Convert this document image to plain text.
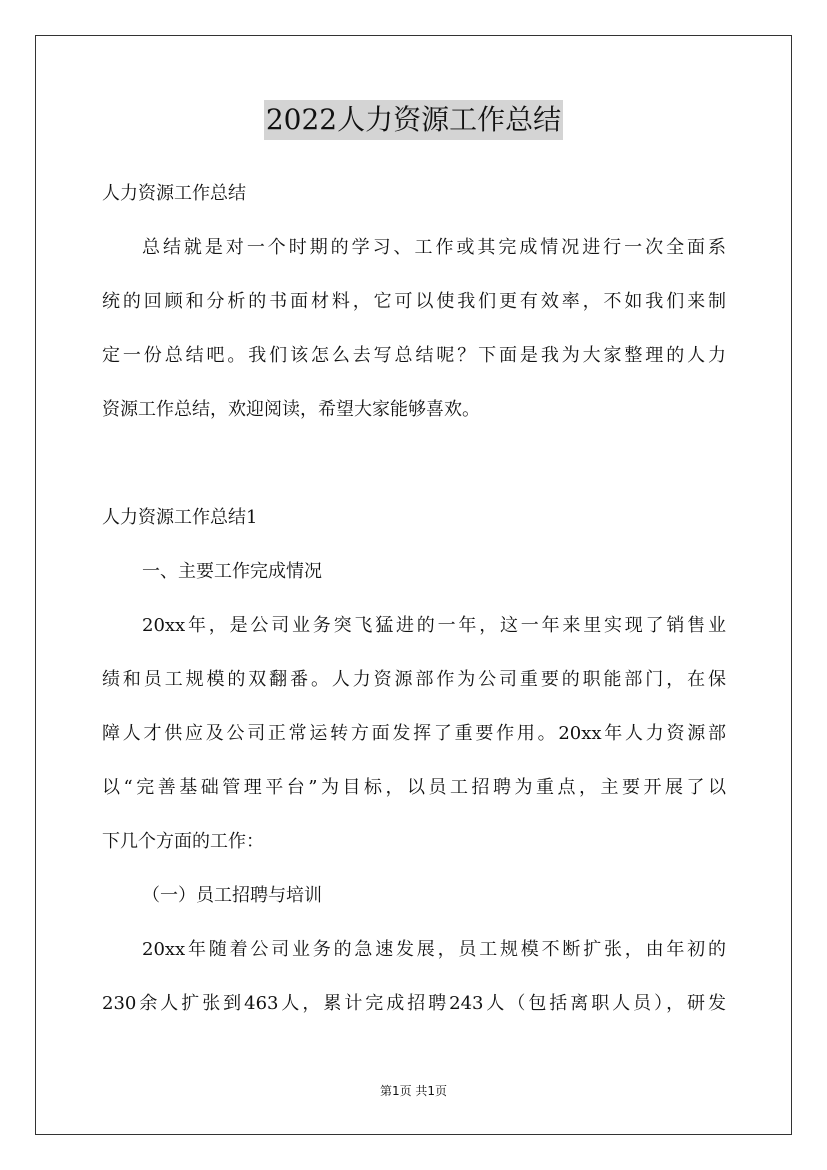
2022人力资源工作总结
人力资源工作总结
总结就是对一个时期的学习、工作或其完成情况进行一次全面系
统的回顾和分析的书面材料，它可以使我们更有效率，不如我们来制
定一份总结吧。我们该怎么去写总结呢？下面是我为大家整理的人力
资源工作总结，欢迎阅读，希望大家能够喜欢。
人力资源工作总结1
一、主要工作完成情况
20xx年，是公司业务突飞猛进的一年，这一年来里实现了销售业
绩和员工规模的双翻番。人力资源部作为公司重要的职能部门，在保
障人才供应及公司正常运转方面发挥了重要作用。20xx年人力资源部
以“完善基础管理平台”为目标，以员工招聘为重点，主要开展了以
下几个方面的工作：
（一）员工招聘与培训
20xx年随着公司业务的急速发展，员工规模不断扩张，由年初的
230余人扩张到463人，累计完成招聘243人（包括离职人员），研发
第1页 共1页
